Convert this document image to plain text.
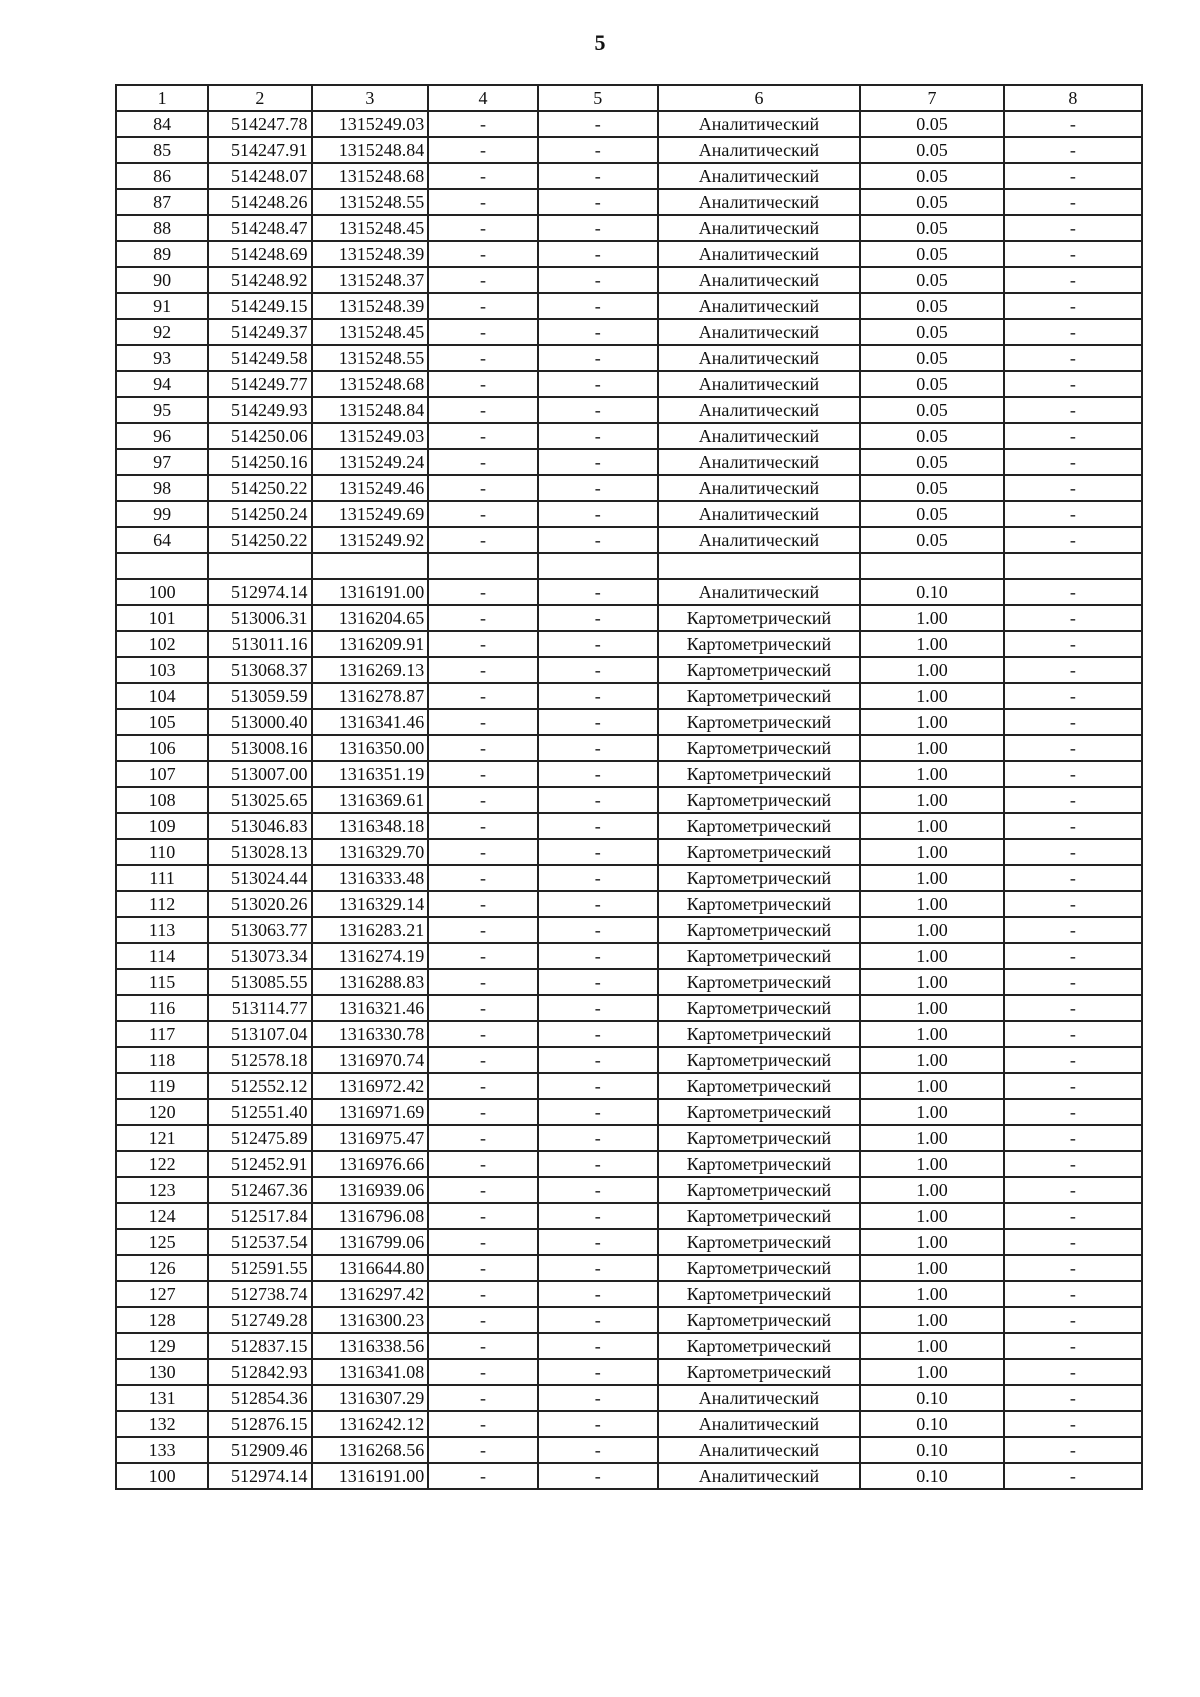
5
1	2	3	4	5	6	7	8
84	514247.78	1315249.03	-	-	Аналитический	0.05	-
85	514247.91	1315248.84	-	-	Аналитический	0.05	-
86	514248.07	1315248.68	-	-	Аналитический	0.05	-
87	514248.26	1315248.55	-	-	Аналитический	0.05	-
88	514248.47	1315248.45	-	-	Аналитический	0.05	-
89	514248.69	1315248.39	-	-	Аналитический	0.05	-
90	514248.92	1315248.37	-	-	Аналитический	0.05	-
91	514249.15	1315248.39	-	-	Аналитический	0.05	-
92	514249.37	1315248.45	-	-	Аналитический	0.05	-
93	514249.58	1315248.55	-	-	Аналитический	0.05	-
94	514249.77	1315248.68	-	-	Аналитический	0.05	-
95	514249.93	1315248.84	-	-	Аналитический	0.05	-
96	514250.06	1315249.03	-	-	Аналитический	0.05	-
97	514250.16	1315249.24	-	-	Аналитический	0.05	-
98	514250.22	1315249.46	-	-	Аналитический	0.05	-
99	514250.24	1315249.69	-	-	Аналитический	0.05	-
64	514250.22	1315249.92	-	-	Аналитический	0.05	-

100	512974.14	1316191.00	-	-	Аналитический	0.10	-
101	513006.31	1316204.65	-	-	Картометрический	1.00	-
102	513011.16	1316209.91	-	-	Картометрический	1.00	-
103	513068.37	1316269.13	-	-	Картометрический	1.00	-
104	513059.59	1316278.87	-	-	Картометрический	1.00	-
105	513000.40	1316341.46	-	-	Картометрический	1.00	-
106	513008.16	1316350.00	-	-	Картометрический	1.00	-
107	513007.00	1316351.19	-	-	Картометрический	1.00	-
108	513025.65	1316369.61	-	-	Картометрический	1.00	-
109	513046.83	1316348.18	-	-	Картометрический	1.00	-
110	513028.13	1316329.70	-	-	Картометрический	1.00	-
111	513024.44	1316333.48	-	-	Картометрический	1.00	-
112	513020.26	1316329.14	-	-	Картометрический	1.00	-
113	513063.77	1316283.21	-	-	Картометрический	1.00	-
114	513073.34	1316274.19	-	-	Картометрический	1.00	-
115	513085.55	1316288.83	-	-	Картометрический	1.00	-
116	513114.77	1316321.46	-	-	Картометрический	1.00	-
117	513107.04	1316330.78	-	-	Картометрический	1.00	-
118	512578.18	1316970.74	-	-	Картометрический	1.00	-
119	512552.12	1316972.42	-	-	Картометрический	1.00	-
120	512551.40	1316971.69	-	-	Картометрический	1.00	-
121	512475.89	1316975.47	-	-	Картометрический	1.00	-
122	512452.91	1316976.66	-	-	Картометрический	1.00	-
123	512467.36	1316939.06	-	-	Картометрический	1.00	-
124	512517.84	1316796.08	-	-	Картометрический	1.00	-
125	512537.54	1316799.06	-	-	Картометрический	1.00	-
126	512591.55	1316644.80	-	-	Картометрический	1.00	-
127	512738.74	1316297.42	-	-	Картометрический	1.00	-
128	512749.28	1316300.23	-	-	Картометрический	1.00	-
129	512837.15	1316338.56	-	-	Картометрический	1.00	-
130	512842.93	1316341.08	-	-	Картометрический	1.00	-
131	512854.36	1316307.29	-	-	Аналитический	0.10	-
132	512876.15	1316242.12	-	-	Аналитический	0.10	-
133	512909.46	1316268.56	-	-	Аналитический	0.10	-
100	512974.14	1316191.00	-	-	Аналитический	0.10	-
